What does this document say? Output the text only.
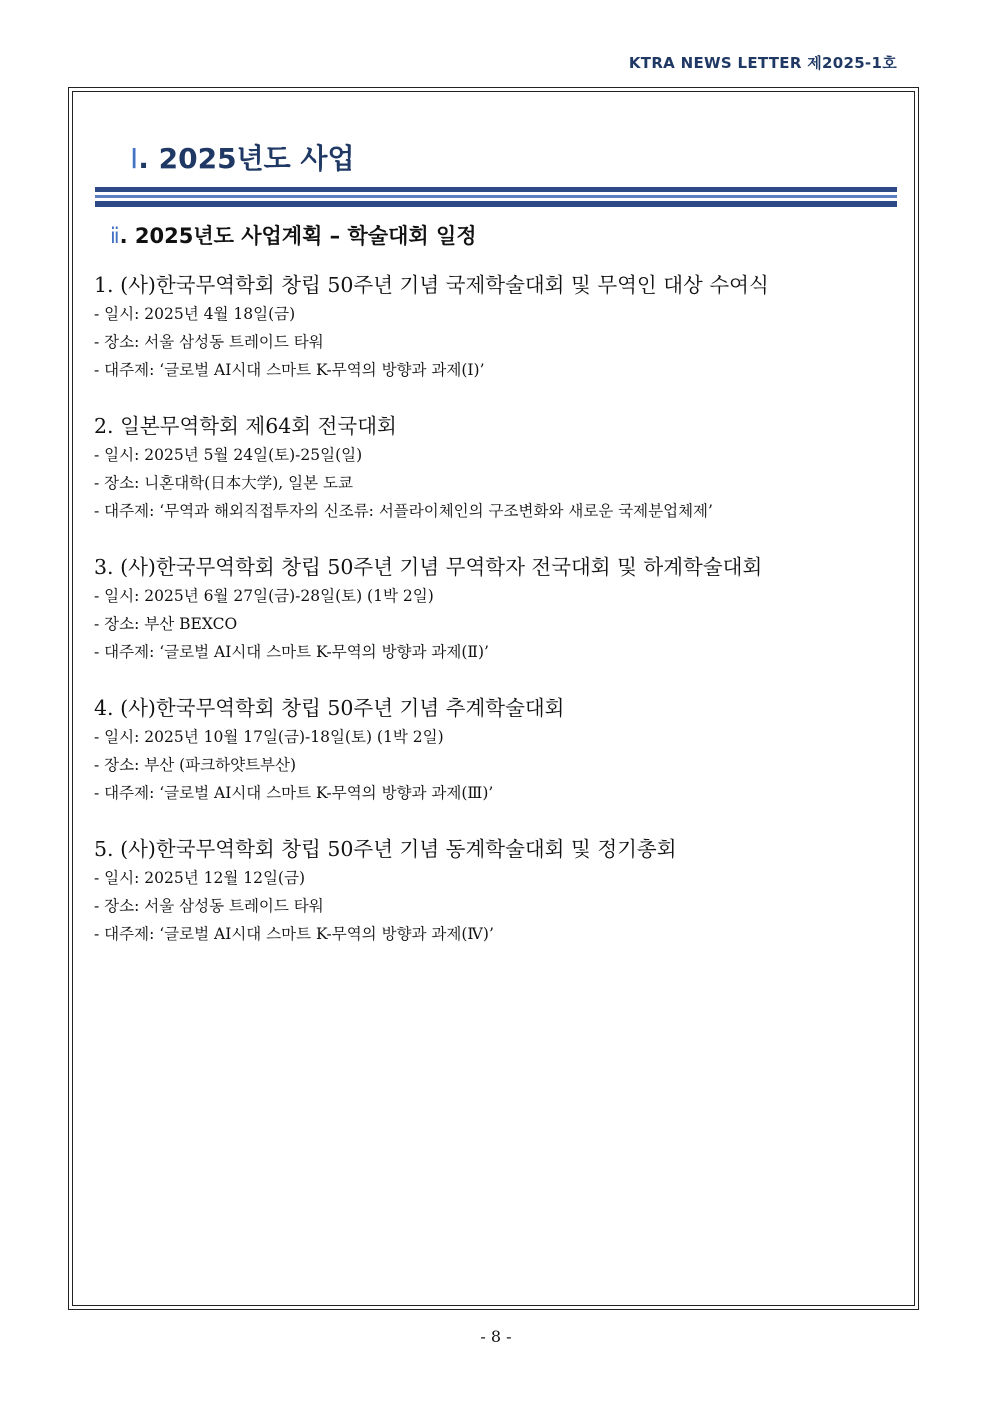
KTRA NEWS LETTER 제2025-1호
Ⅰ. 2025년도 사업
ⅱ. 2025년도 사업계획 – 학술대회 일정
1. (사)한국무역학회 창립 50주년 기념 국제학술대회 및 무역인 대상 수여식
- 일시: 2025년 4월 18일(금)
- 장소: 서울 삼성동 트레이드 타워
- 대주제: ‘글로벌 AI시대 스마트 K-무역의 방향과 과제(Ⅰ)’
2. 일본무역학회 제64회 전국대회
- 일시: 2025년 5월 24일(토)-25일(일)
- 장소: 니혼대학(日本大学), 일본 도쿄
- 대주제: ‘무역과 해외직접투자의 신조류: 서플라이체인의 구조변화와 새로운 국제분업체제’
3. (사)한국무역학회 창립 50주년 기념 무역학자 전국대회 및 하계학술대회
- 일시: 2025년 6월 27일(금)-28일(토) (1박 2일)
- 장소: 부산 BEXCO
- 대주제: ‘글로벌 AI시대 스마트 K-무역의 방향과 과제(Ⅱ)’
4. (사)한국무역학회 창립 50주년 기념 추계학술대회
- 일시: 2025년 10월 17일(금)-18일(토) (1박 2일)
- 장소: 부산 (파크하얏트부산)
- 대주제: ‘글로벌 AI시대 스마트 K-무역의 방향과 과제(Ⅲ)’
5. (사)한국무역학회 창립 50주년 기념 동계학술대회 및 정기총회
- 일시: 2025년 12월 12일(금)
- 장소: 서울 삼성동 트레이드 타워
- 대주제: ‘글로벌 AI시대 스마트 K-무역의 방향과 과제(Ⅳ)’
- 8 -
